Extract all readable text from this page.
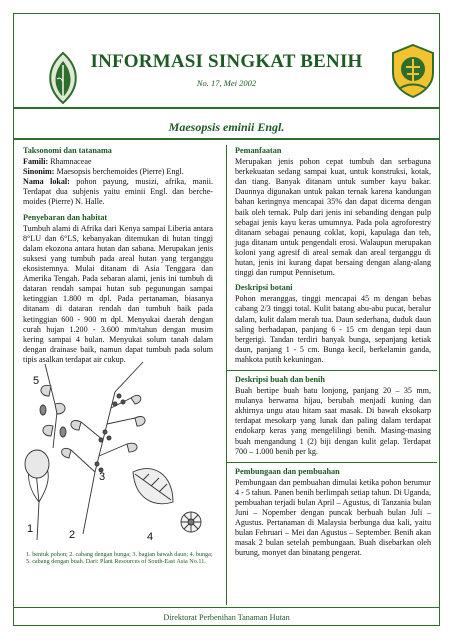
INFORMASI SINGKAT BENIH
No. 17, Mei 2002
Maesopsis eminii Engl.
Taksonomi dan tatanama

Famili: Rhamnaceae
Sinonim: Maesopsis berchemoides (Pierre) Engl.
Nama lokal: pohon payung, musizi, afrika, manii. Terdapat dua subjenis yaitu eminii Engl. dan berche-moides (Pierre) N. Halle.

Penyebaran dan habitat

Tumbuh alami di Afrika dari Kenya sampai Liberia antara 8°LU dan 6°LS, kebanyakan ditemukan di hutan tinggi dalam ekozona antara hutan dan sabana. Merupakan jenis suksesi yang tumbuh pada areal hutan yang terganggu ekosistemnya. Mulai ditanam di Asia Tenggara dan Amerika Tengah. Pada sebaran alami, jenis ini tumbuh di dataran rendah sampai hutan sub pegunungan sampai ketinggian 1.800 m dpl. Pada pertanaman, biasanya ditanam di dataran rendah dan tumbuh baik pada ketinggian 600 - 900 m dpl. Menyukai daerah dengan curah hujan 1.200 - 3.600 mm/tahun dengan musim kering sampai 4 bulan. Menyukai solum tanah dalam dengan drainase baik, namun dapat tumbuh pada solum tipis asalkan terdapat air cukup.

5
3
1	2	4
1. bentuk pohon; 2. cabang dengan bunga; 3. bagian bawah daun; 4. bunga; 5. cabang dengan buah. Dari: Plant Resources of South-East Asia No.11.
Pemanfaatan

Merupakan jenis pohon cepat tumbuh dan serbaguna berkekuatan sedang sampai kuat, untuk konstruksi, kotak, dan tiang. Banyak ditanam untuk sumber kayu bakar. Daunnya digunakan untuk pakan ternak karena kandungan bahan keringnya mencapai 35% dan dapat dicerna dengan baik oleh ternak. Pulp dari jenis ini sebanding dengan pulp sebagai jenis kayu keras umumnya. Pada pola agroforestry ditanam sebagai penaung coklat, kopi, kapulaga dan teh, juga ditanam untuk pengendali erosi. Walaupun merupakan koloni yang agresif di areal semak dan areal terganggu di hutan, jenis ini kurang dapat bersaing dengan alang-alang tinggi dan rumput Pennisetum.

Deskripsi botani

Pohon meranggas, tinggi mencapai 45 m dengan bebas cabang 2/3 tinggi total. Kulit batang abu-abu pucat, beralur dalam, kulit dalam merah tua. Daun sederhana, duduk daun saling berhadapan, panjang 6 - 15 cm dengan tepi daun bergerigi. Tandan terdiri banyak bunga, sepanjang ketiak daun, panjang 1 - 5 cm. Bunga kecil, berkelamin ganda, mahkota putih kekuningan.

Deskripsi buah dan benih

Buah bertipe buah batu lonjong, panjang 20 – 35 mm, mulanya berwarna hijau, berubah menjadi kuning dan akhirnya ungu atau hitam saat masak. Di bawah eksokarp terdapat mesokarp yang lunak dan paling dalam terdapat endokarp keras yang mengelilingi benih. Masing-masing buah mengandung 1 (2) biji dengan kulit gelap. Terdapat 700 – 1.000 benih per kg.

Pembungaan dan pembuahan

Pembungaan dan pembuahan dimulai ketika pohon berumur 4 - 5 tahun. Panen benih berlimpah setiap tahun. Di Uganda, pembuahan terjadi bulan April – Agustus, di Tanzania bulan Juni – Nopember dengan puncak berbuah bulan Juli – Agustus. Pertanaman di Malaysia berbunga dua kali, yaitu bulan Februari – Mei dan Agustus – September. Benih akan masak 2 bulan setelah pembungaan. Buah disebarkan oleh burung, monyet dan binatang pengerat.

Direktorat Perbenihan Tanaman Hutan
